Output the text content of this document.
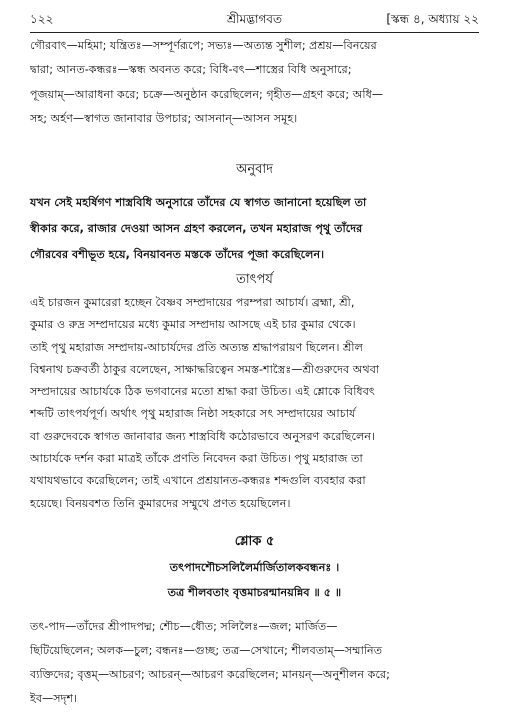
১২২	শ্রীমদ্ভাগবত	[স্কন্ধ ৪, অধ্যায় ২২

গৌরবাৎ—মহিমা; যন্ত্রিতঃ—সম্পূর্ণরূপে; সভ্যঃ—অত্যন্ত সুশীল; প্রশ্রয়—বিনয়ের

দ্বারা; আনত-কন্ধরঃ—স্কন্ধ অবনত করে; বিধি-বৎ—শাস্ত্রের বিধি অনুসারে;

পূজয়াম্—আরাধনা করে; চক্রে—অনুষ্ঠান করেছিলেন; গৃহীত—গ্রহণ করে; অধি—

সহ; অর্হণ—স্বাগত জানাবার উপচার; আসনান্—আসন সমূহ।

অনুবাদ

যখন সেই মহর্ষিগণ শাস্ত্রবিধি অনুসারে তাঁদের যে স্বাগত জানানো হয়েছিল তা

স্বীকার করে, রাজার দেওয়া আসন গ্রহণ করলেন, তখন মহারাজ পৃথু তাঁদের

গৌরবের বশীভূত হয়ে, বিনয়াবনত মস্তকে তাঁদের পূজা করেছিলেন।

তাৎপর্য

এই চারজন কুমারেরা হচ্ছেন বৈষ্ণব সম্প্রদায়ের পরম্পরা আচার্য। ব্রহ্মা, শ্রী,

কুমার ও রুদ্র সম্প্রদায়ের মধ্যে কুমার সম্প্রদায় আসছে এই চার কুমার থেকে।

তাই পৃথু মহারাজ সম্প্রদায়-আচার্যদের প্রতি অত্যন্ত শ্রদ্ধাপরায়ণ ছিলেন। শ্রীল

বিশ্বনাথ চক্রবর্তী ঠাকুর বলেছেন, সাক্ষাদ্ধরিত্বেন সমস্ত-শাস্ত্রৈঃ—শ্রীগুরুদেব অথবা

সম্প্রদায়ের আচার্যকে ঠিক ভগবানের মতো শ্রদ্ধা করা উচিত। এই শ্লোকে বিধিবৎ

শব্দটি তাৎপর্যপূর্ণ। অর্থাৎ পৃথু মহারাজ নিষ্ঠা সহকারে সৎ সম্প্রদায়ের আচার্য

বা গুরুদেবকে স্বাগত জানাবার জন্য শাস্ত্রবিধি কঠোরভাবে অনুসরণ করেছিলেন।

আচার্যকে দর্শন করা মাত্রই তাঁকে প্রণতি নিবেদন করা উচিত। পৃথু মহারাজ তা

যথাযথভাবে করেছিলেন; তাই এখানে প্রশ্রয়ানত-কন্ধরঃ শব্দগুলি ব্যবহার করা

হয়েছে। বিনয়বশত তিনি কুমারদের সম্মুখে প্রণত হয়েছিলেন।

শ্লোক ৫

তৎপাদশৌচসলিলৈর্মার্জিতালকবন্ধনঃ ।

তত্র শীলবতাং বৃত্তমাচরন্মানয়ন্নিব ॥ ৫ ॥

তৎ-পাদ—তাঁদের শ্রীপাদপদ্ম; শৌচ—ধৌত; সলিলৈঃ—জল; মার্জিত—

ছিটিয়েছিলেন; অলক—চুল; বন্ধনঃ—গুচ্ছ; তত্র—সেখানে; শীলবতাম্—সম্মানিত

ব্যক্তিদের; বৃত্তম্—আচরণ; আচরন্—আচরণ করেছিলেন; মানয়ন্—অনুশীলন করে;

ইব—সদৃশ।
